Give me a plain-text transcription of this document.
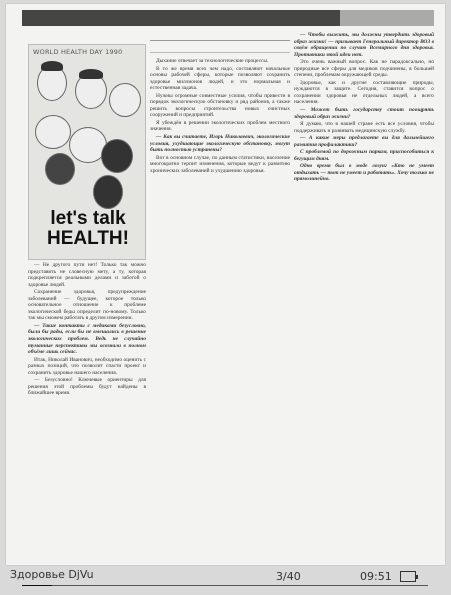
WORLD HEALTH DAY 1990
let's talk HEALTH!

— Не другого пути нет! Только так можно представить не словесную мету, а ту, которая подкрепляется реальными делами и заботой о здоровье людей.

Сохранение здоровья, предупреждение заболеваний — будущее, которое только основательное отношение к проблеме экологической беды определит по-новому. Только так мы сможем работать в другом измерении.

— Такие контакты с медиками безусловно, были бы рады, если бы не вмешались в решение экологических проблем. Ведь не случайно туманные перспективы мы осознали в полном объёме лишь сейчас.

Итак, Николай Иванович, необходимо оценить с разных позиций, что позволит спасти проект и сохранить здоровье нашего населения.

— Безусловно! Ключевые ориентиры для решения этой проблемы будут найдены в ближайшее время.

Дыхание отвечает за технологические процессы.

В то же время всех чем надо, составляют начальные основы рабочей сферы, которые позволяют сохранить здоровье миллионов людей, и это нормальная и естественная задача.

Нужны огромные совместные усилия, чтобы привести в порядок экологическую обстановку и ряд районов, а также решить вопросы строительства новых очистных сооружений и предприятий.

Я убеждён в решении экологических проблем местного значения.

— Как вы считаете, Игорь Николаевич, экологические условия, ухудшающие экологическую обстановку, могут быть полностью устранены?

Вот в основном случае, по данным статистики, население многократно терпит изменения, которые ведут к развитию хронических заболеваний и ухудшению здоровья.

— Чтобы выжить, мы должны утвердить здоровый образ жизни! — призывает Генеральный директор ВОЗ в своём обращении по случаю Всемирного дня здоровья. Противники этой идеи нет.

Это очень важный вопрос. Как не парадоксально, но природные все сферы для медиков подчинены, в большей степени, проблемам окружающей среды.

Здоровье, как и другие составляющие природы, нуждаются в защите. Сегодня, ставится вопрос о сохранении здоровья не отдельных людей, а всего населения.

— Может быть государству стоит поощрять здоровый образ жизни?

Я думаю, что в нашей стране есть все условия, чтобы поддерживать и развивать медицинскую службу.

— А какие меры предлагаете вы для дальнейшего развития профилактики?

С проблемой по дорожным паркам, приспособиться к бегущим дням.

Одно время был в моде лозунг «Кто не умеет отдыхать — тот не умеет и работать». Хочу только не прямолинейно.

Здоровье DjVu	3/40	09:51
